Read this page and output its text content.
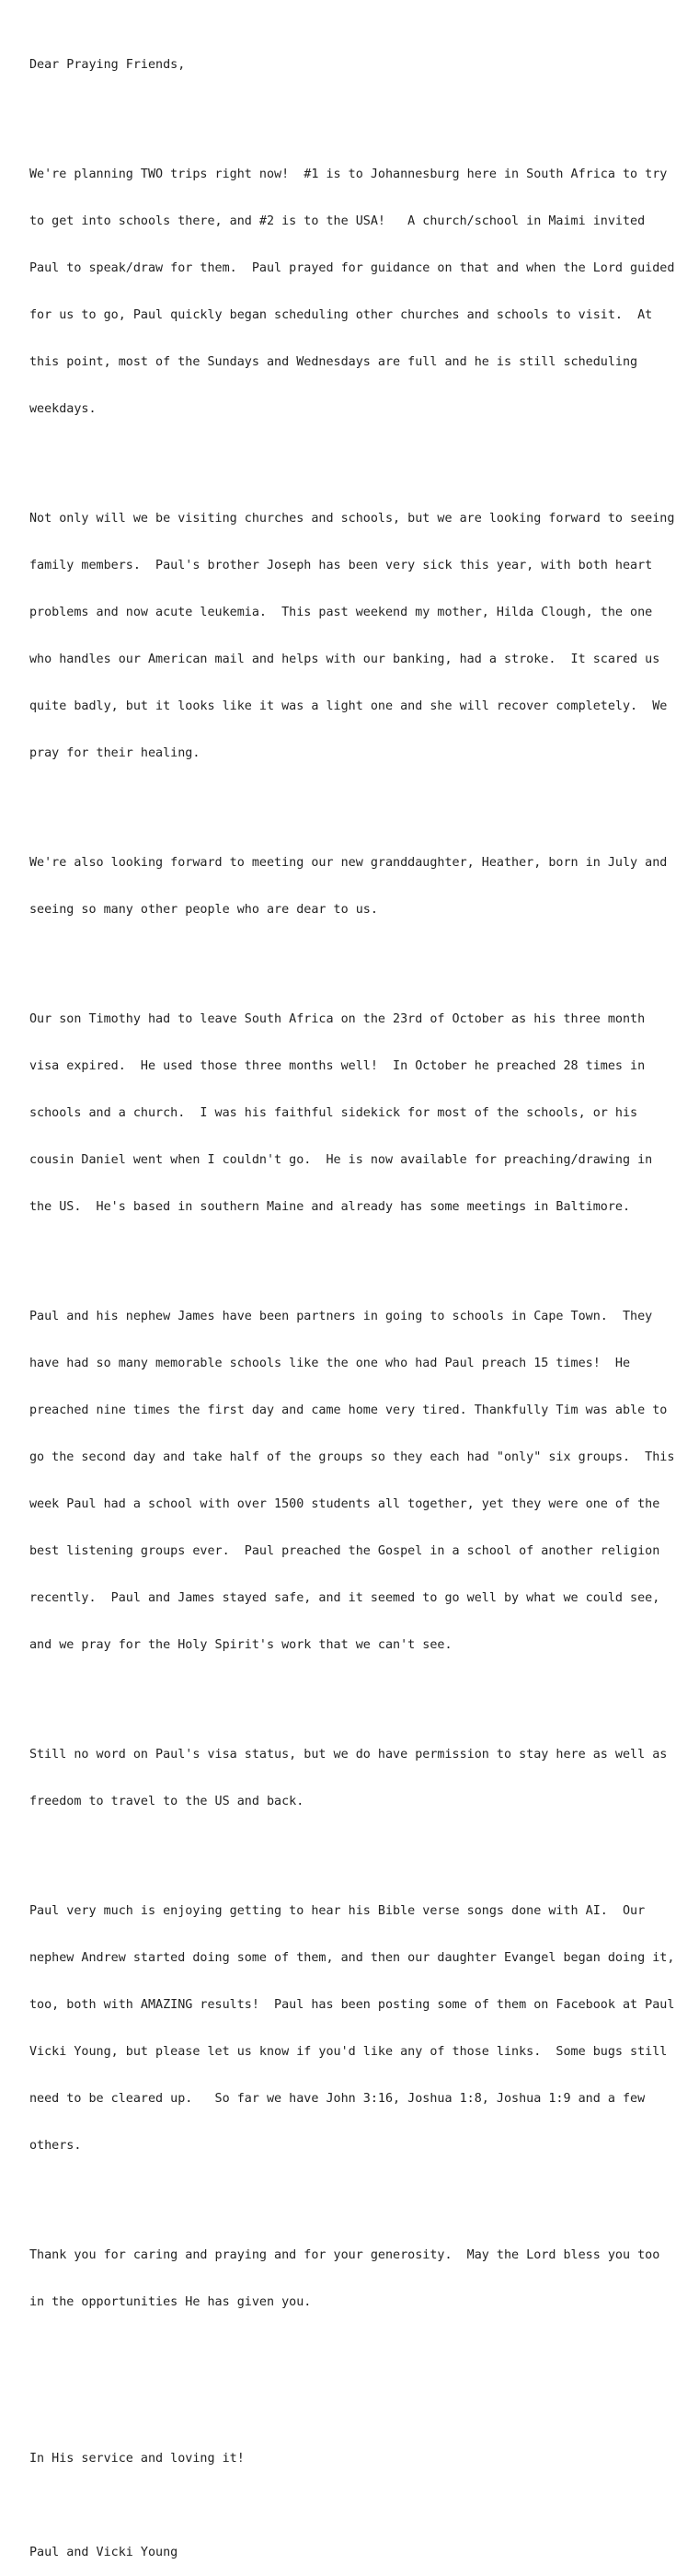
Dear Praying Friends,

We're planning TWO trips right now!  #1 is to Johannesburg here in South Africa to try

to get into schools there, and #2 is to the USA!   A church/school in Maimi invited

Paul to speak/draw for them.  Paul prayed for guidance on that and when the Lord guided

for us to go, Paul quickly began scheduling other churches and schools to visit.  At

this point, most of the Sundays and Wednesdays are full and he is still scheduling

weekdays.

Not only will we be visiting churches and schools, but we are looking forward to seeing

family members.  Paul's brother Joseph has been very sick this year, with both heart

problems and now acute leukemia.  This past weekend my mother, Hilda Clough, the one

who handles our American mail and helps with our banking, had a stroke.  It scared us

quite badly, but it looks like it was a light one and she will recover completely.  We

pray for their healing.

We're also looking forward to meeting our new granddaughter, Heather, born in July and

seeing so many other people who are dear to us.

Our son Timothy had to leave South Africa on the 23rd of October as his three month

visa expired.  He used those three months well!  In October he preached 28 times in

schools and a church.  I was his faithful sidekick for most of the schools, or his

cousin Daniel went when I couldn't go.  He is now available for preaching/drawing in

the US.  He's based in southern Maine and already has some meetings in Baltimore.

Paul and his nephew James have been partners in going to schools in Cape Town.  They

have had so many memorable schools like the one who had Paul preach 15 times!  He

preached nine times the first day and came home very tired. Thankfully Tim was able to

go the second day and take half of the groups so they each had "only" six groups.  This

week Paul had a school with over 1500 students all together, yet they were one of the

best listening groups ever.  Paul preached the Gospel in a school of another religion

recently.  Paul and James stayed safe, and it seemed to go well by what we could see,

and we pray for the Holy Spirit's work that we can't see.

Still no word on Paul's visa status, but we do have permission to stay here as well as

freedom to travel to the US and back.

Paul very much is enjoying getting to hear his Bible verse songs done with AI.  Our

nephew Andrew started doing some of them, and then our daughter Evangel began doing it,

too, both with AMAZING results!  Paul has been posting some of them on Facebook at Paul

Vicki Young, but please let us know if you'd like any of those links.  Some bugs still

need to be cleared up.   So far we have John 3:16, Joshua 1:8, Joshua 1:9 and a few

others.

Thank you for caring and praying and for your generosity.  May the Lord bless you too

in the opportunities He has given you.

In His service and loving it!

Paul and Vicki Young
